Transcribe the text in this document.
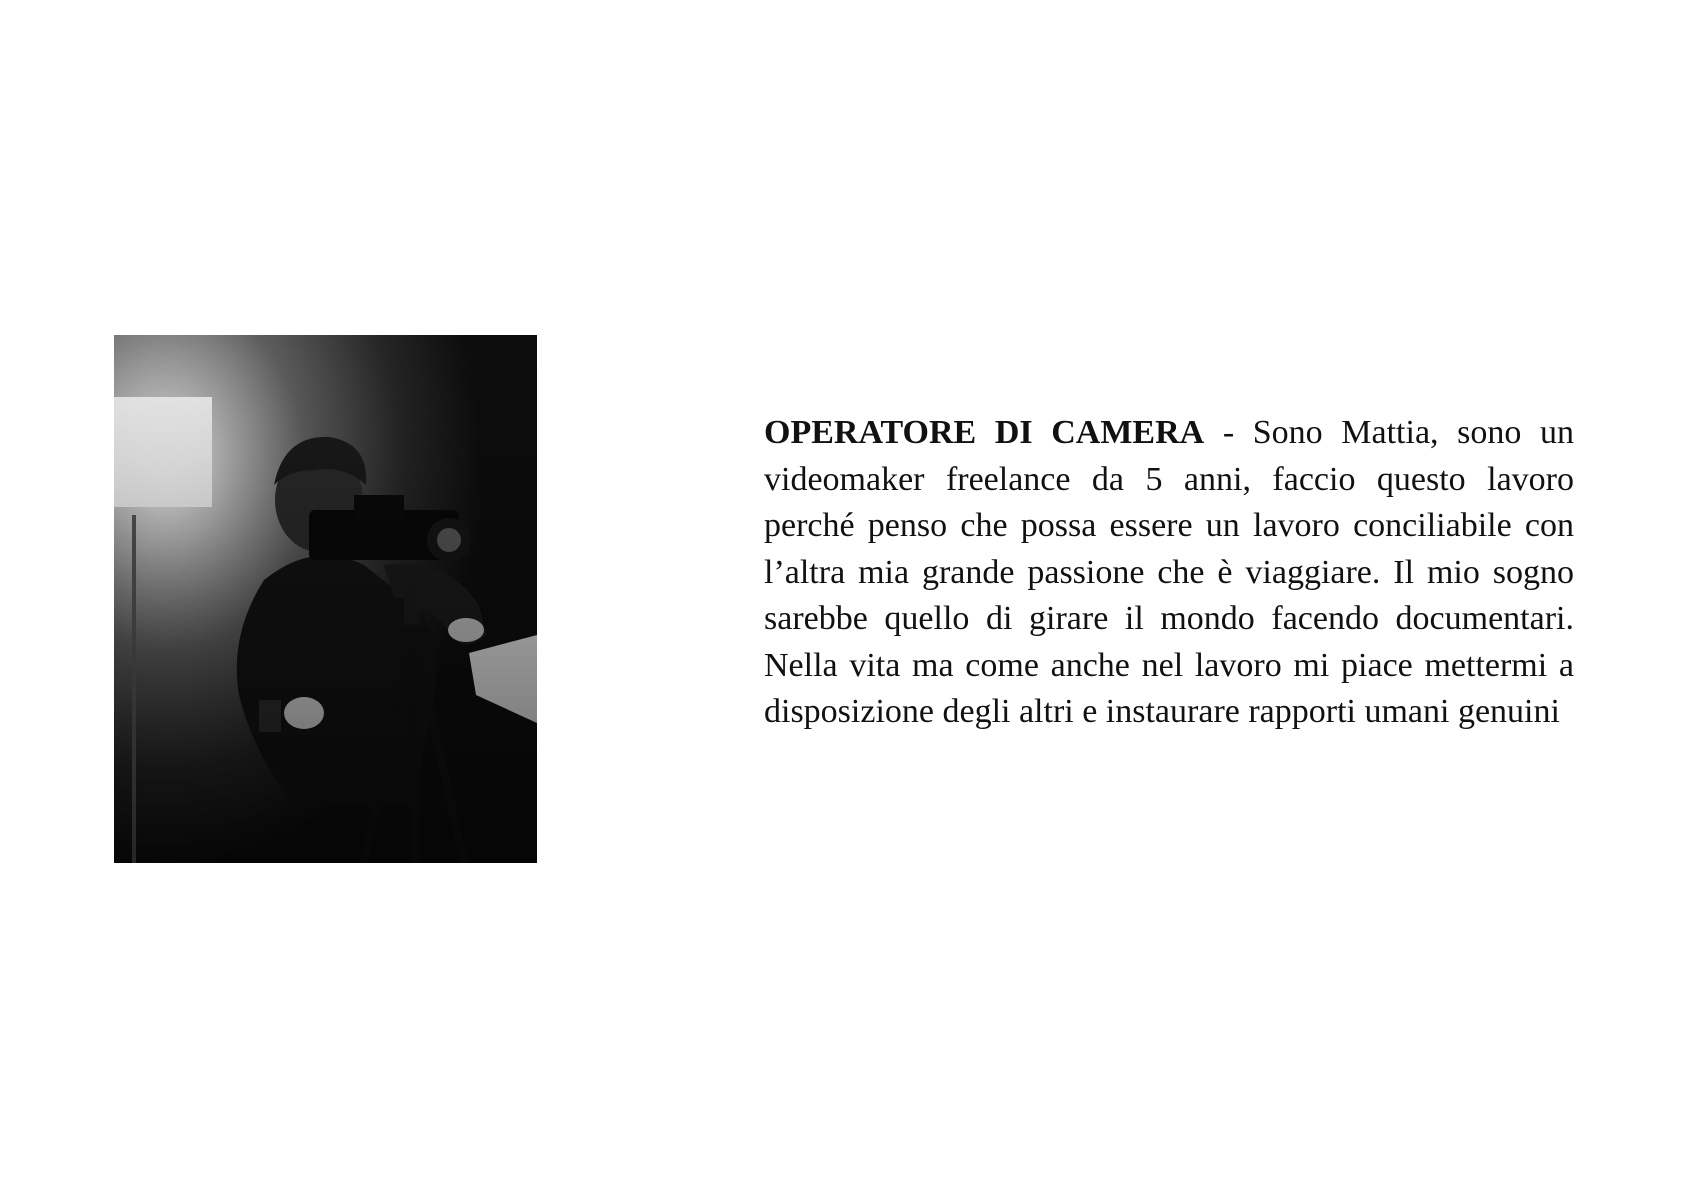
OPERATORE DI CAMERA - Sono Mattia, sono un videomaker freelance da 5 anni, faccio questo lavoro perché penso che possa essere un lavoro conciliabile con l’altra mia grande passione che è viaggiare. Il mio sogno sarebbe quello di girare il mondo facendo documentari. Nella vita ma come anche nel lavoro mi piace mettermi a disposizione degli altri e instaurare rapporti umani genuini
